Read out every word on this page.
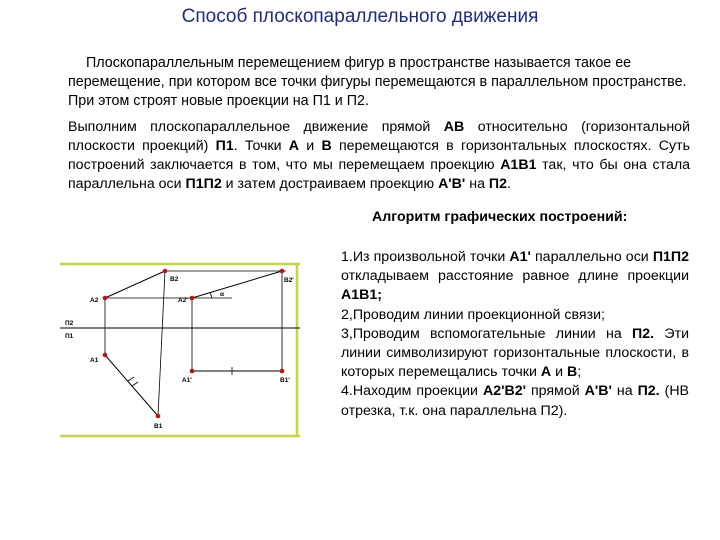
Способ плоскопараллельного движения
Плоскопараллельным перемещением фигур в пространстве называется такое ее перемещение, при котором все точки фигуры перемещаются в параллельном пространстве. При этом строят новые проекции на П1 и П2.
Выполним плоскопараллельное движение прямой АВ относительно (горизонтальной плоскости проекций) П1. Точки А и В перемещаются в горизонтальных плоскостях. Суть построений заключается в том, что мы перемещаем проекцию А1В1 так, что бы она стала параллельна оси П1П2 и затем достраиваем проекцию А'В' на П2.
Алгоритм графических построений:

1.Из произвольной точки А1' параллельно оси П1П2 откладываем расстояние равное длине проекции А1В1;

2,Проводим линии проекционной связи;

3,Проводим вспомогательные линии на П2. Эти линии символизируют горизонтальные плоскости, в которых перемещались точки А и В;

4.Находим проекции А2'В2' прямой А'В' на П2. (НВ отрезка, т.к. она параллельна П2).

В2	В2'
А2	А2'
α
П2
П1
А1
А1'	В1'
В1
